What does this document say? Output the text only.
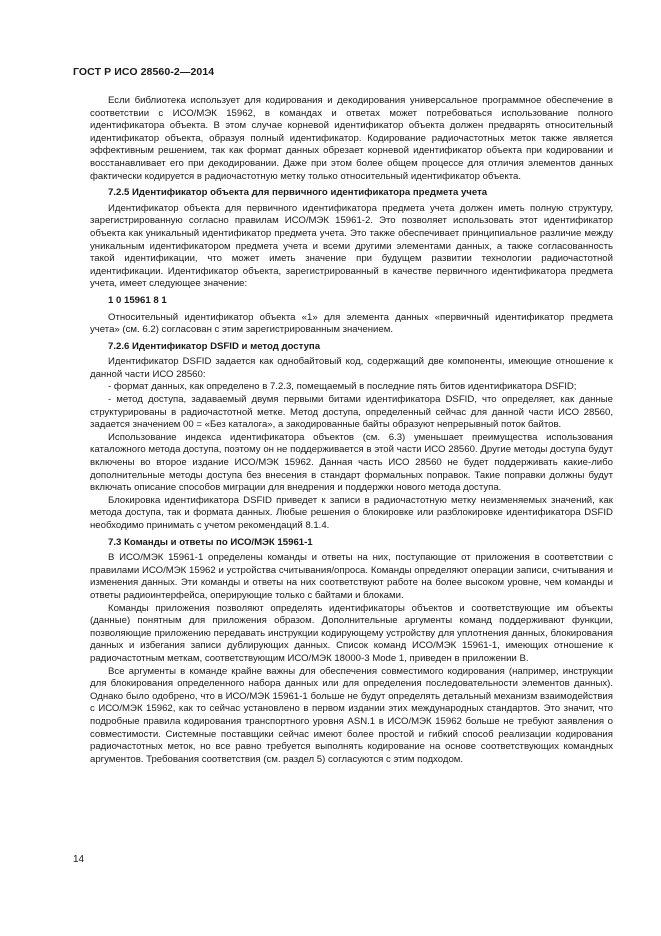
ГОСТ Р ИСО 28560-2—2014

Если библиотека использует для кодирования и декодирования универсальное программное обеспечение в соответствии с ИСО/МЭК 15962, в командах и ответах может потребоваться использование полного идентификатора объекта. В этом случае корневой идентификатор объекта должен предварять относительный идентификатор объекта, образуя полный идентификатор. Кодирование радиочастотных меток также является эффективным решением, так как формат данных обрезает корневой идентификатор объекта при кодировании и восстанавливает его при декодировании. Даже при этом более общем процессе для отличия элементов данных фактически кодируется в радиочастотную метку только относительный идентификатор объекта.

7.2.5 Идентификатор объекта для первичного идентификатора предмета учета

Идентификатор объекта для первичного идентификатора предмета учета должен иметь полную структуру, зарегистрированную согласно правилам ИСО/МЭК 15961-2. Это позволяет использовать этот идентификатор объекта как уникальный идентификатор предмета учета. Это также обеспечивает принципиальное различие между уникальным идентификатором предмета учета и всеми другими элементами данных, а также согласованность такой идентификации, что может иметь значение при будущем развитии технологии радиочастотной идентификации. Идентификатор объекта, зарегистрированный в качестве первичного идентификатора предмета учета, имеет следующее значение:

1 0 15961 8 1

Относительный идентификатор объекта «1» для элемента данных «первичный идентификатор предмета учета» (см. 6.2) согласован с этим зарегистрированным значением.

7.2.6 Идентификатор DSFID и метод доступа

Идентификатор DSFID задается как однобайтовый код, содержащий две компоненты, имеющие отношение к данной части ИСО 28560:

- формат данных, как определено в 7.2.3, помещаемый в последние пять битов идентификатора DSFID;

- метод доступа, задаваемый двумя первыми битами идентификатора DSFID, что определяет, как данные структурированы в радиочастотной метке. Метод доступа, определенный сейчас для данной части ИСО 28560, задается значением 00 = «Без каталога», а закодированные байты образуют непрерывный поток байтов.

Использование индекса идентификатора объектов (см. 6.3) уменьшает преимущества использования каталожного метода доступа, поэтому он не поддерживается в этой части ИСО 28560. Другие методы доступа будут включены во второе издание ИСО/МЭК 15962. Данная часть ИСО 28560 не будет поддерживать какие-либо дополнительные методы доступа без внесения в стандарт формальных поправок. Такие поправки должны будут включать описание способов миграции для внедрения и поддержки нового метода доступа.

Блокировка идентификатора DSFID приведет к записи в радиочастотную метку неизменяемых значений, как метода доступа, так и формата данных. Любые решения о блокировке или разблокировке идентификатора DSFID необходимо принимать с учетом рекомендаций 8.1.4.

7.3 Команды и ответы по ИСО/МЭК 15961-1

В ИСО/МЭК 15961-1 определены команды и ответы на них, поступающие от приложения в соответствии с правилами ИСО/МЭК 15962 и устройства считывания/опроса. Команды определяют операции записи, считывания и изменения данных. Эти команды и ответы на них соответствуют работе на более высоком уровне, чем команды и ответы радиоинтерфейса, оперирующие только с байтами и блоками.

Команды приложения позволяют определять идентификаторы объектов и соответствующие им объекты (данные) понятным для приложения образом. Дополнительные аргументы команд поддерживают функции, позволяющие приложению передавать инструкции кодирующему устройству для уплотнения данных, блокирования данных и избегания записи дублирующих данных. Список команд ИСО/МЭК 15961-1, имеющих отношение к радиочастотным меткам, соответствующим ИСО/МЭК 18000-3 Mode 1, приведен в приложении В.

Все аргументы в команде крайне важны для обеспечения совместимого кодирования (например, инструкции для блокирования определенного набора данных или для определения последовательности элементов данных). Однако было одобрено, что в ИСО/МЭК 15961-1 больше не будут определять детальный механизм взаимодействия с ИСО/МЭК 15962, как то сейчас установлено в первом издании этих международных стандартов. Это значит, что подробные правила кодирования транспортного уровня ASN.1 в ИСО/МЭК 15962 больше не требуют заявления о совместимости. Системные поставщики сейчас имеют более простой и гибкий способ реализации кодирования радиочастотных меток, но все равно требуется выполнять кодирование на основе соответствующих командных аргументов. Требования соответствия (см. раздел 5) согласуются с этим подходом.

14
